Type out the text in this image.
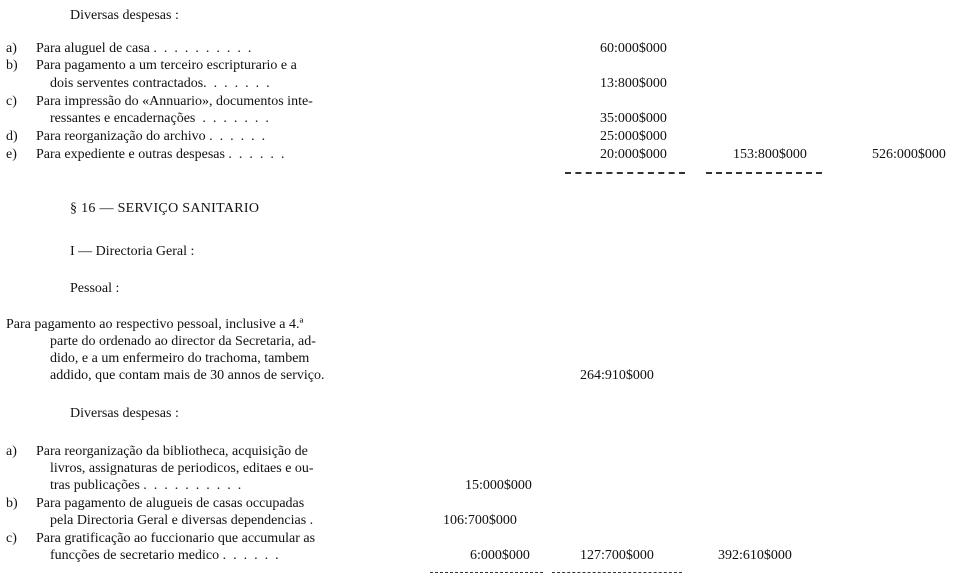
Diversas despesas :
a) Para aluguel de casa .  .  .  .  .  .  .  .  .  .	60:000$000
b) Para pagamento a um terceiro escripturario e a
dois serventes contractados.  .  .  .  .  .  .	13:800$000
c) Para impressão do «Annuario», documentos inte-
ressantes e encadernações  .  .  .  .  .  .  .	35:000$000
d) Para reorganização do archivo .  .  .  .  .  .	25:000$000
e) Para expediente e outras despesas .  .  .  .  .  .	20:000$000	153:800$000	526:000$000
§ 16 — SERVIÇO SANITARIO
I — Directoria Geral :
Pessoal :
Para pagamento ao respectivo pessoal, inclusive a 4.ª
parte do ordenado ao director da Secretaria, ad-
dido, e a um enfermeiro do trachoma, tambem
addido, que contam mais de 30 annos de serviço.	264:910$000
Diversas despesas :
a) Para reorganização da bibliotheca, acquisição de
livros, assignaturas de periodicos, editaes e ou-
tras publicações .  .  .  .  .  .  .  .  .  .	15:000$000
b) Para pagamento de alugueis de casas occupadas
pela Directoria Geral e diversas dependencias .	106:700$000
c) Para gratificação ao fuccionario que accumular as
funcções de secretario medico .  .  .  .  .  .	6:000$000	127:700$000	392:610$000
